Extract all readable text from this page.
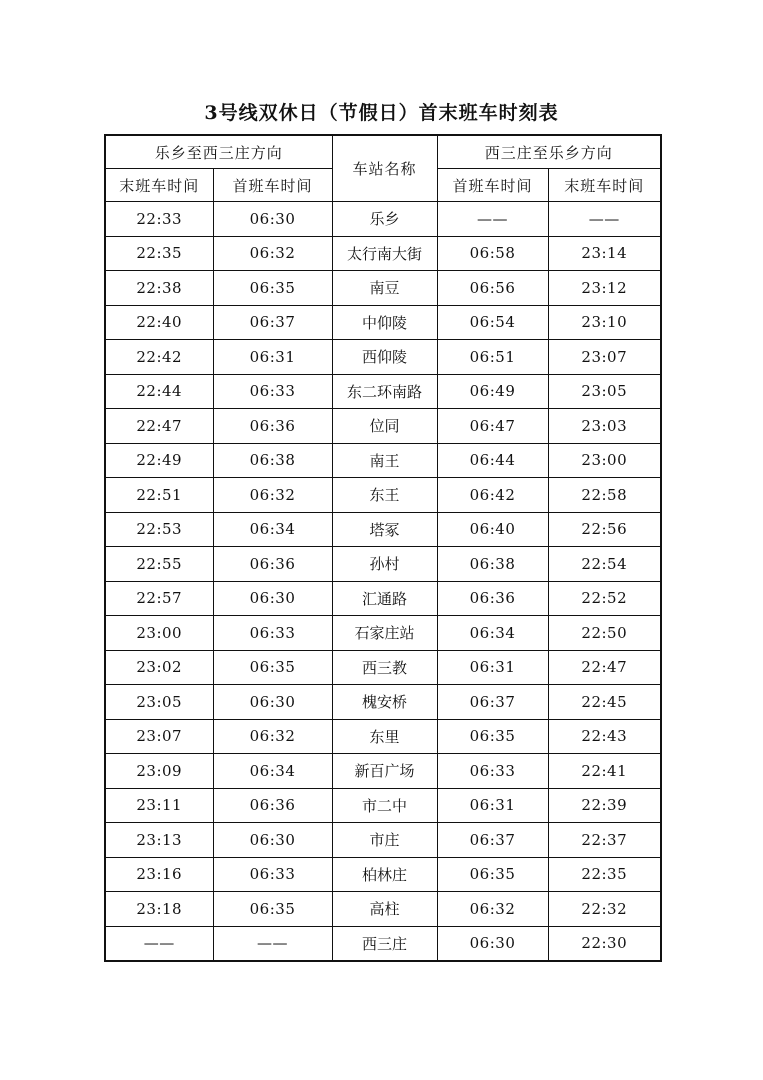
3号线双休日（节假日）首末班车时刻表
乐乡至西三庄方向		车站名称	西三庄至乐乡方向	
末班车时间	首班车时间		首班车时间	末班车时间
22:33	06:30	乐乡	——	——
22:35	06:32	太行南大街	06:58	23:14
22:38	06:35	南豆	06:56	23:12
22:40	06:37	中仰陵	06:54	23:10
22:42	06:31	西仰陵	06:51	23:07
22:44	06:33	东二环南路	06:49	23:05
22:47	06:36	位同	06:47	23:03
22:49	06:38	南王	06:44	23:00
22:51	06:32	东王	06:42	22:58
22:53	06:34	塔冢	06:40	22:56
22:55	06:36	孙村	06:38	22:54
22:57	06:30	汇通路	06:36	22:52
23:00	06:33	石家庄站	06:34	22:50
23:02	06:35	西三教	06:31	22:47
23:05	06:30	槐安桥	06:37	22:45
23:07	06:32	东里	06:35	22:43
23:09	06:34	新百广场	06:33	22:41
23:11	06:36	市二中	06:31	22:39
23:13	06:30	市庄	06:37	22:37
23:16	06:33	柏林庄	06:35	22:35
23:18	06:35	高柱	06:32	22:32
——	——	西三庄	06:30	22:30
